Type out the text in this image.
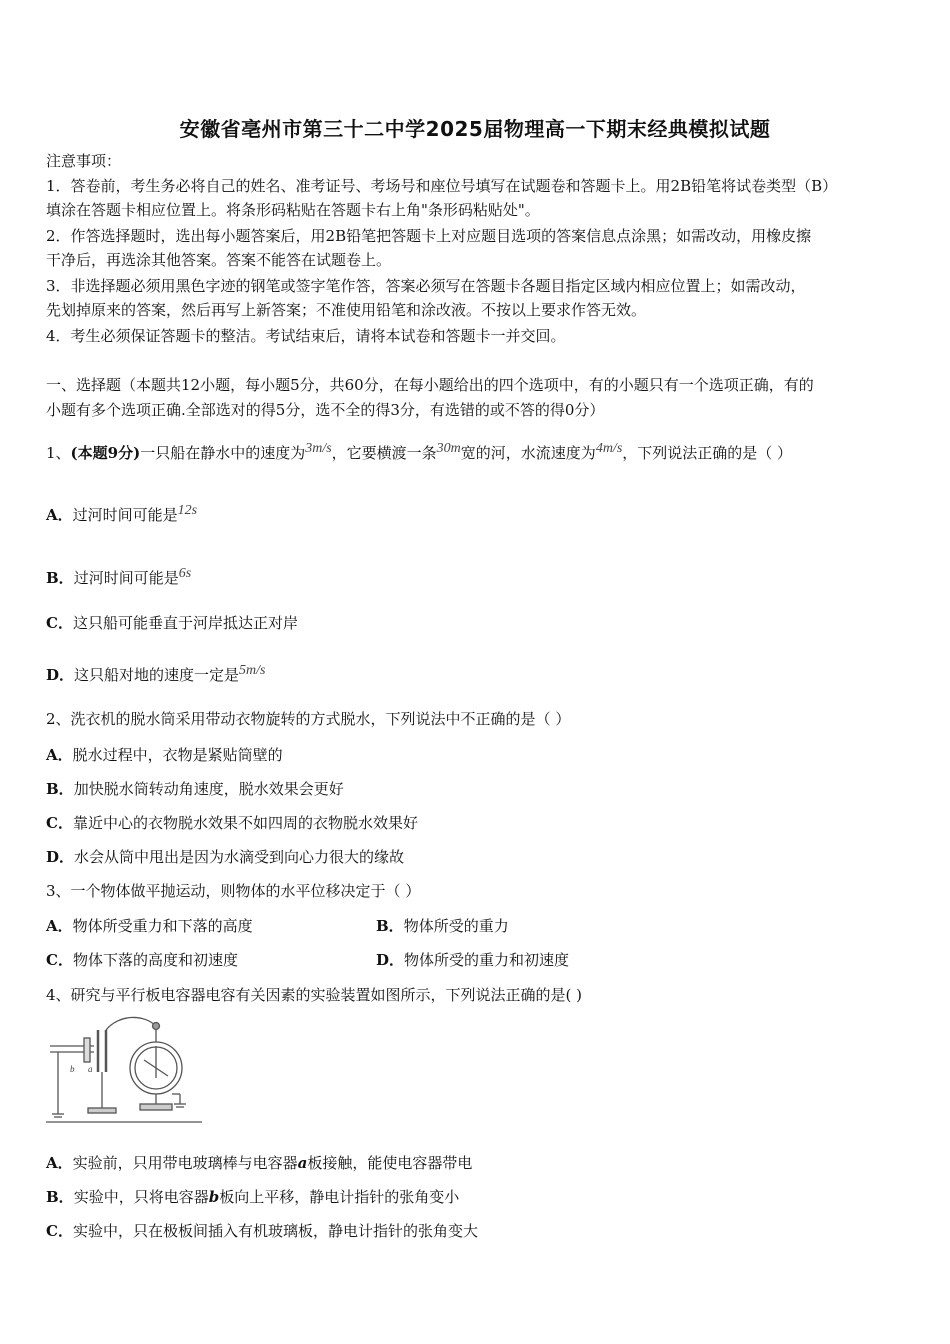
安徽省亳州市第三十二中学2025届物理高一下期末经典模拟试题
注意事项：
1．答卷前，考生务必将自己的姓名、准考证号、考场号和座位号填写在试题卷和答题卡上。用2B铅笔将试卷类型（B）
填涂在答题卡相应位置上。将条形码粘贴在答题卡右上角"条形码粘贴处"。
2．作答选择题时，选出每小题答案后，用2B铅笔把答题卡上对应题目选项的答案信息点涂黑；如需改动，用橡皮擦
干净后，再选涂其他答案。答案不能答在试题卷上。
3．非选择题必须用黑色字迹的钢笔或签字笔作答，答案必须写在答题卡各题目指定区域内相应位置上；如需改动，
先划掉原来的答案，然后再写上新答案；不准使用铅笔和涂改液。不按以上要求作答无效。
4．考生必须保证答题卡的整洁。考试结束后，请将本试卷和答题卡一并交回。
一、选择题（本题共12小题，每小题5分，共60分，在每小题给出的四个选项中，有的小题只有一个选项正确，有的
小题有多个选项正确.全部选对的得5分，选不全的得3分，有选错的或不答的得0分）
1、(本题9分)一只船在静水中的速度为3m/s，它要横渡一条30m宽的河，水流速度为4m/s，下列说法正确的是（ ）
A．过河时间可能是12s
B．过河时间可能是6s
C．这只船可能垂直于河岸抵达正对岸
D．这只船对地的速度一定是5m/s
2、洗衣机的脱水筒采用带动衣物旋转的方式脱水，下列说法中不正确的是（ ）
A．脱水过程中，衣物是紧贴筒壁的
B．加快脱水筒转动角速度，脱水效果会更好
C．靠近中心的衣物脱水效果不如四周的衣物脱水效果好
D．水会从筒中甩出是因为水滴受到向心力很大的缘故
3、一个物体做平抛运动，则物体的水平位移决定于（ ）
A．物体所受重力和下落的高度	B．物体所受的重力
C．物体下落的高度和初速度	D．物体所受的重力和初速度
4、研究与平行板电容器电容有关因素的实验装置如图所示，下列说法正确的是( )
b a
A．实验前，只用带电玻璃棒与电容器a板接触，能使电容器带电
B．实验中，只将电容器b板向上平移，静电计指针的张角变小
C．实验中，只在极板间插入有机玻璃板，静电计指针的张角变大
